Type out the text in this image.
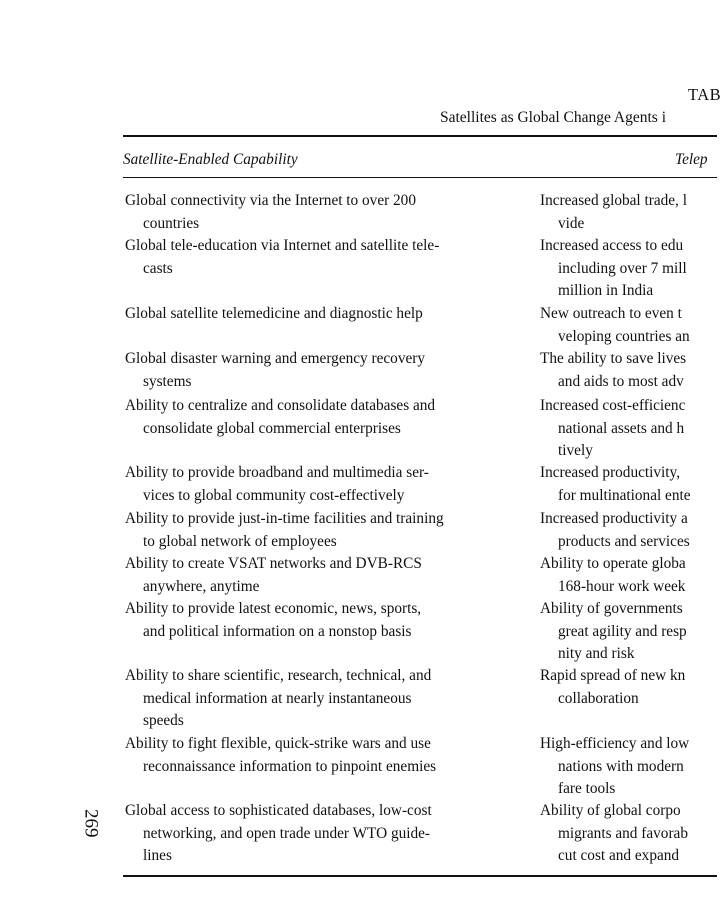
TAB
Satellites as Global Change Agents i
Satellite-Enabled Capability	Telep
Global connectivity via the Internet to over 200
countries
Increased global trade, l
vide
Global tele-education via Internet and satellite tele-
casts
Increased access to edu
including over 7 mill
million in India
Global satellite telemedicine and diagnostic help	New outreach to even t
veloping countries an
Global disaster warning and emergency recovery
systems
The ability to save lives
and aids to most adv
Ability to centralize and consolidate databases and
consolidate global commercial enterprises
Increased cost-efficienc
national assets and h
tively
Ability to provide broadband and multimedia ser-
vices to global community cost-effectively
Increased productivity,
for multinational ente
Ability to provide just-in-time facilities and training
to global network of employees
Increased productivity a
products and services
Ability to create VSAT networks and DVB-RCS
anywhere, anytime
Ability to operate globa
168-hour work week
Ability to provide latest economic, news, sports,
and political information on a nonstop basis
Ability of governments
great agility and resp
nity and risk
Ability to share scientific, research, technical, and
medical information at nearly instantaneous
speeds
Rapid spread of new kn
collaboration
Ability to fight flexible, quick-strike wars and use
reconnaissance information to pinpoint enemies
High-efficiency and low
nations with modern
fare tools
Global access to sophisticated databases, low-cost
networking, and open trade under WTO guide-
lines
Ability of global corpo
migrants and favorab
cut cost and expand
269
